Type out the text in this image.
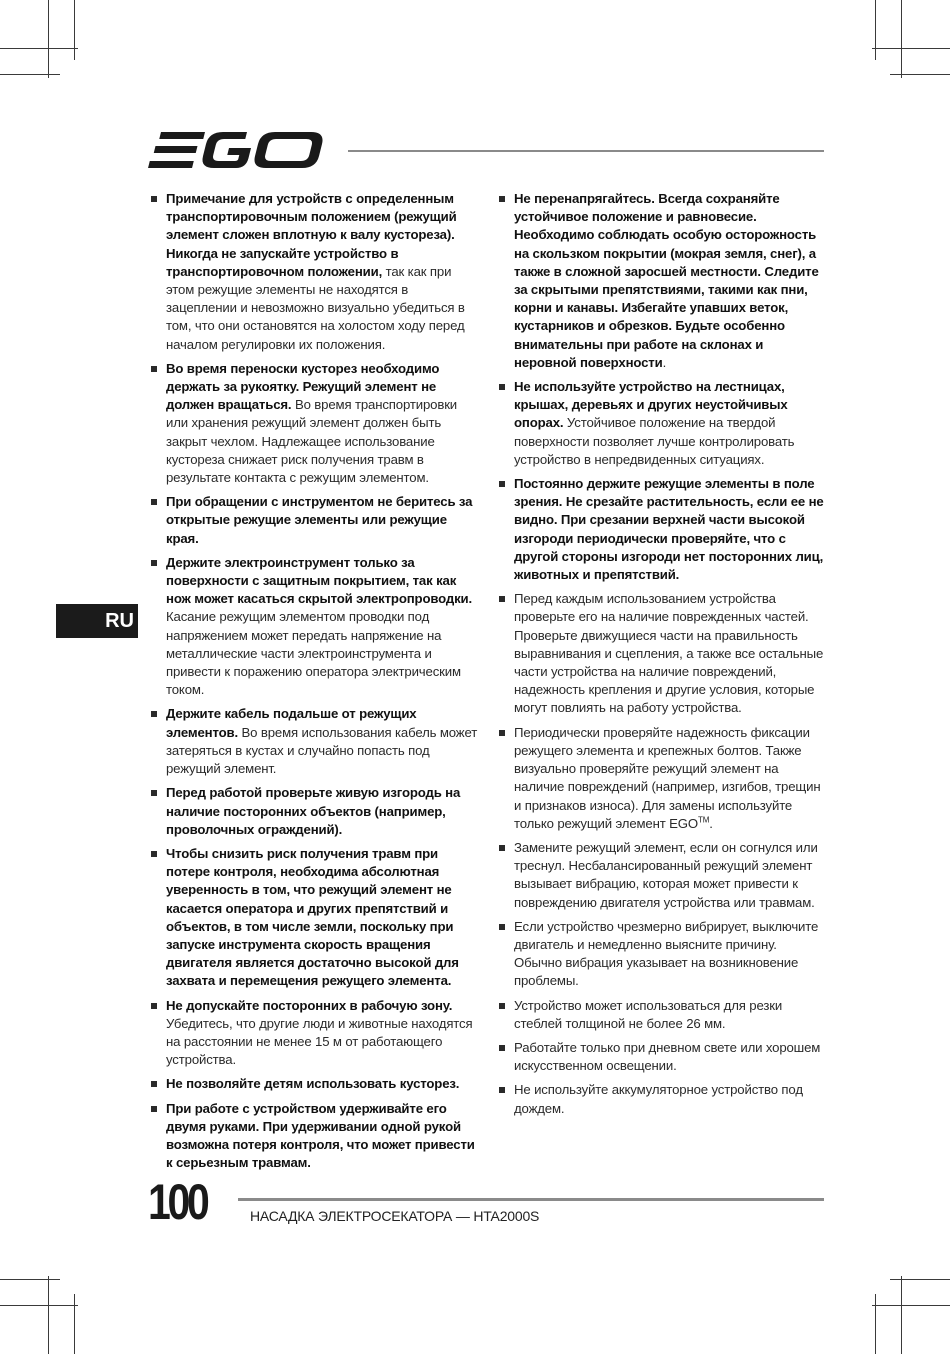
RU
Примечание для устройств с определенным транспортировочным положением (режущий элемент сложен вплотную к валу кустореза). Никогда не запускайте устройство в транспортировочном положении, так как при этом режущие элементы не находятся в зацеплении и невозможно визуально убедиться в том, что они остановятся на холостом ходу перед началом регулировки их положения.
Во время переноски кусторез необходимо держать за рукоятку. Режущий элемент не должен вращаться. Во время транспортировки или хранения режущий элемент должен быть закрыт чехлом. Надлежащее использование кустореза снижает риск получения травм в результате контакта с режущим элементом.
При обращении с инструментом не беритесь за открытые режущие элементы или режущие края.
Держите электроинструмент только за поверхности с защитным покрытием, так как нож может касаться скрытой электропроводки. Касание режущим элементом проводки под напряжением может передать напряжение на металлические части электроинструмента и привести к поражению оператора электрическим током.
Держите кабель подальше от режущих элементов. Во время использования кабель может затеряться в кустах и случайно попасть под режущий элемент.
Перед работой проверьте живую изгородь на наличие посторонних объектов (например, проволочных ограждений).
Чтобы снизить риск получения травм при потере контроля, необходима абсолютная уверенность в том, что режущий элемент не касается оператора и других препятствий и объектов, в том числе земли, поскольку при запуске инструмента скорость вращения двигателя является достаточно высокой для захвата и перемещения режущего элемента.
Не допускайте посторонних в рабочую зону. Убедитесь, что другие люди и животные находятся на расстоянии не менее 15 м от работающего устройства.
Не позволяйте детям использовать кусторез.
При работе с устройством удерживайте его двумя руками. При удерживании одной рукой возможна потеря контроля, что может привести к серьезным травмам.
Не перенапрягайтесь. Всегда сохраняйте устойчивое положение и равновесие. Необходимо соблюдать особую осторожность на скользком покрытии (мокрая земля, снег), а также в сложной заросшей местности. Следите за скрытыми препятствиями, такими как пни, корни и канавы. Избегайте упавших веток, кустарников и обрезков. Будьте особенно внимательны при работе на склонах и неровной поверхности.
Не используйте устройство на лестницах, крышах, деревьях и других неустойчивых опорах. Устойчивое положение на твердой поверхности позволяет лучше контролировать устройство в непредвиденных ситуациях.
Постоянно держите режущие элементы в поле зрения. Не срезайте растительность, если ее не видно. При срезании верхней части высокой изгороди периодически проверяйте, что с другой стороны изгороди нет посторонних лиц, животных и препятствий.
Перед каждым использованием устройства проверьте его на наличие поврежденных частей. Проверьте движущиеся части на правильность выравнивания и сцепления, а также все остальные части устройства на наличие повреждений, надежность крепления и другие условия, которые могут повлиять на работу устройства.
Периодически проверяйте надежность фиксации режущего элемента и крепежных болтов. Также визуально проверяйте режущий элемент на наличие повреждений (например, изгибов, трещин и признаков износа). Для замены используйте только режущий элемент EGO™.
Замените режущий элемент, если он согнулся или треснул. Несбалансированный режущий элемент вызывает вибрацию, которая может привести к повреждению двигателя устройства или травмам.
Если устройство чрезмерно вибрирует, выключите двигатель и немедленно выясните причину. Обычно вибрация указывает на возникновение проблемы.
Устройство может использоваться для резки стеблей толщиной не более 26 мм.
Работайте только при дневном свете или хорошем искусственном освещении.
Не используйте аккумуляторное устройство под дождем.
100	НАСАДКА ЭЛЕКТРОСЕКАТОРА — HTA2000S
